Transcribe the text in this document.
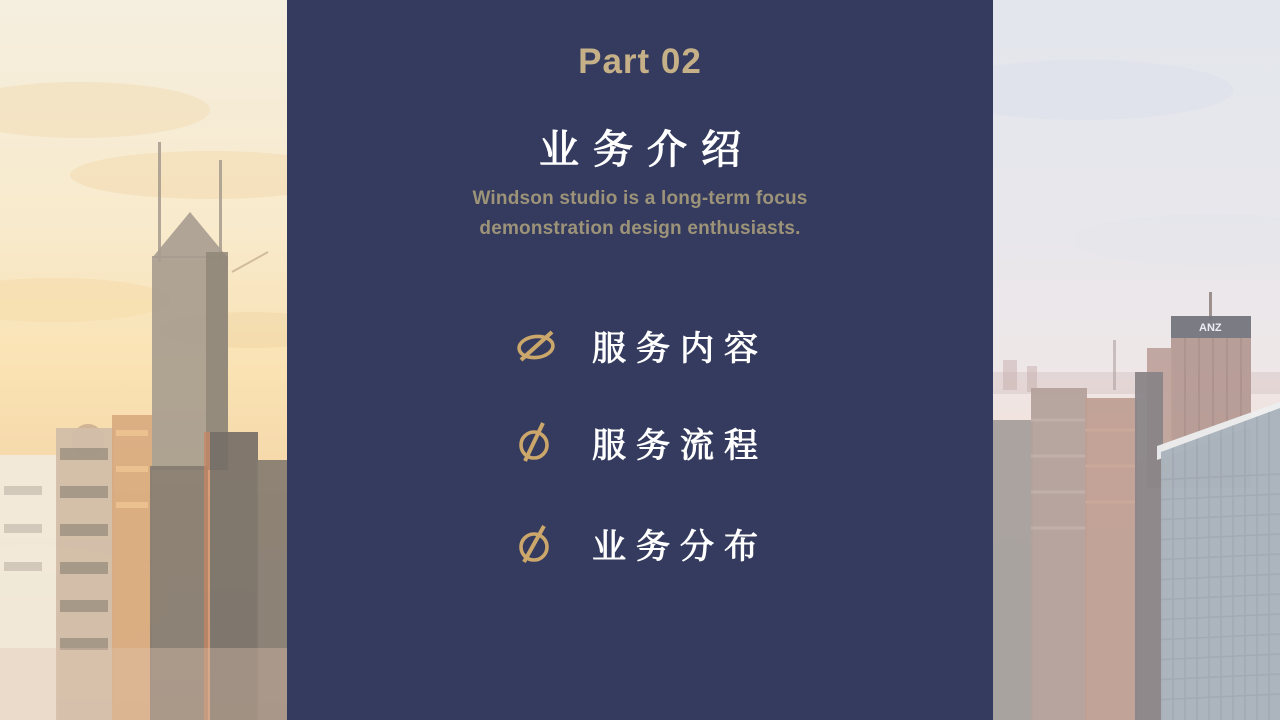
ANZ
Part 02
业务介绍
Windson studio is a long-term focus
demonstration design enthusiasts.
服务内容
服务流程
业务分布
